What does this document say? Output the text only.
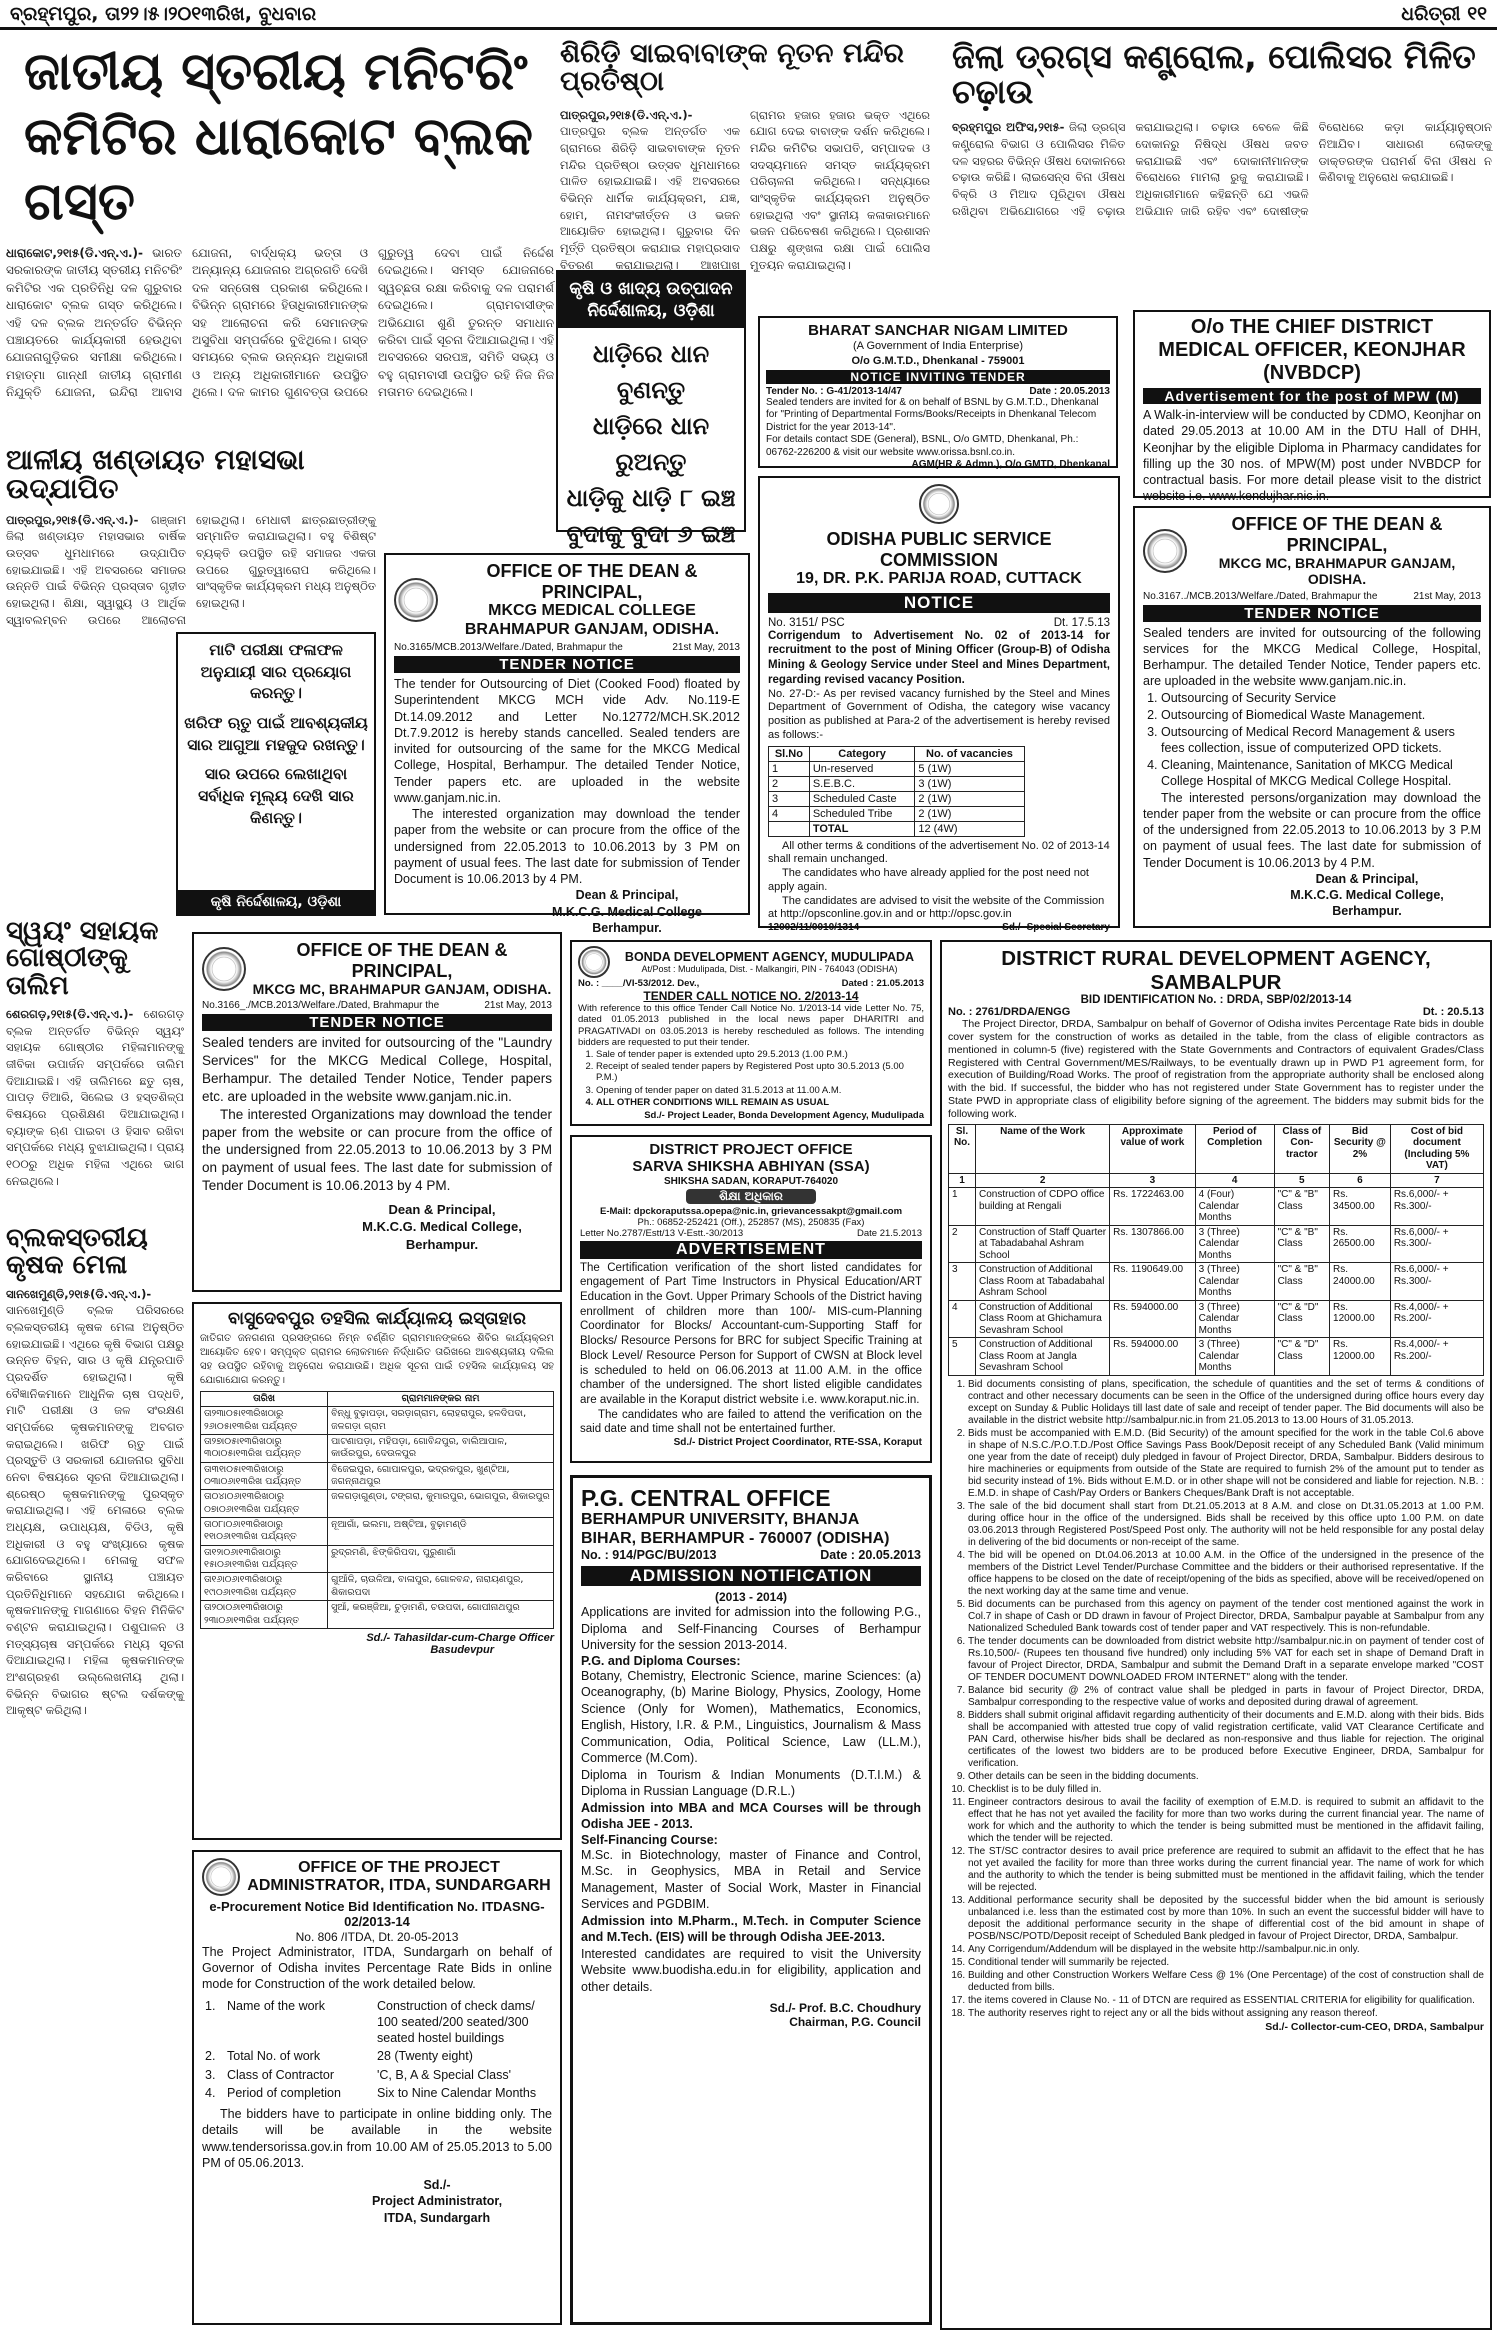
ବ୍ରହ୍ମପୁର, ତା୨୨।୫।୨୦୧୩ରିଖ, ବୁଧବାର	ଧରିତ୍ରୀ ୧୧
ଜାତୀୟ ସ୍ତରୀୟ ମନିଟରିଂ କମିଟିର ଧାରାକୋଟ ବ୍ଲକ ଗସ୍ତ
ଧାରାକୋଟ,୨୧ା୫(ଡି.ଏନ୍.ଏ.)- ଭାରତ ସରକାରଙ୍କ ଜାତୀୟ ସ୍ତରୀୟ ମନିଟରିଂ କମିଟିର ଏକ ପ୍ରତିନିଧି ଦଳ ଗୁରୁବାର ଧାରାକୋଟ ବ୍ଲକ ଗସ୍ତ କରିଥିଲେ। ଏହି ଦଳ ବ୍ଲକ ଅନ୍ତର୍ଗତ ବିଭିନ୍ନ ପଞ୍ଚାୟତରେ କାର୍ଯ୍ୟକାରୀ ହେଉଥିବା ଯୋଜନାଗୁଡ଼ିକର ସମୀକ୍ଷା କରିଥିଲେ। ମହାତ୍ମା ଗାନ୍ଧୀ ଜାତୀୟ ଗ୍ରାମୀଣ ନିଯୁକ୍ତି ଯୋଜନା, ଇନ୍ଦିରା ଆବାସ ଯୋଜନା, ବାର୍ଦ୍ଧକ୍ୟ ଭତ୍ତା ଓ ଅନ୍ୟାନ୍ୟ ଯୋଜନାର ଅଗ୍ରଗତି ଦେଖି ଦଳ ସନ୍ତୋଷ ପ୍ରକାଶ କରିଥିଲେ। ବିଭିନ୍ନ ଗ୍ରାମରେ ହିତାଧିକାରୀମାନଙ୍କ ସହ ଆଲୋଚନା କରି ସେମାନଙ୍କ ଅସୁବିଧା ସମ୍ପର୍କରେ ବୁଝିଥିଲେ। ଗସ୍ତ ସମୟରେ ବ୍ଲକ ଉନ୍ନୟନ ଅଧିକାରୀ ଓ ଅନ୍ୟ ଅଧିକାରୀମାନେ ଉପସ୍ଥିତ ଥିଲେ। ଦଳ କାମର ଗୁଣବତ୍ତା ଉପରେ ଗୁରୁତ୍ୱ ଦେବା ପାଇଁ ନିର୍ଦ୍ଦେଶ ଦେଇଥିଲେ। ସମସ୍ତ ଯୋଜନାରେ ସ୍ୱଚ୍ଛତା ରକ୍ଷା କରିବାକୁ ଦଳ ପରାମର୍ଶ ଦେଇଥିଲେ। ଗ୍ରାମବାସୀଙ୍କ ଅଭିଯୋଗ ଶୁଣି ତୁରନ୍ତ ସମାଧାନ କରିବା ପାଇଁ ସୂଚନା ଦିଆଯାଇଥିଲା। ଏହି ଅବସରରେ ସରପଞ୍ଚ, ସମିତି ସଭ୍ୟ ଓ ବହୁ ଗ୍ରାମବାସୀ ଉପସ୍ଥିତ ରହି ନିଜ ନିଜ ମତାମତ ଦେଇଥିଲେ।
ଶିରିଡ଼ି ସାଇବାବାଙ୍କ ନୂତନ ମନ୍ଦିର ପ୍ରତିଷ୍ଠା
ପାତ୍ରପୁର,୨୧ା୫(ଡି.ଏନ୍.ଏ.)- ପାତ୍ରପୁର ବ୍ଲକ ଅନ୍ତର୍ଗତ ଏକ ଗ୍ରାମରେ ଶିରିଡ଼ି ସାଇବାବାଙ୍କ ନୂତନ ମନ୍ଦିର ପ୍ରତିଷ୍ଠା ଉତ୍ସବ ଧୁମଧାମରେ ପାଳିତ ହୋଇଯାଇଛି। ଏହି ଅବସରରେ ବିଭିନ୍ନ ଧାର୍ମିକ କାର୍ଯ୍ୟକ୍ରମ, ଯଜ୍ଞ, ହୋମ, ନାମସଂକୀର୍ତ୍ତନ ଓ ଭଜନ ଆୟୋଜିତ ହୋଇଥିଲା। ଗୁରୁବାର ଦିନ ମୂର୍ତ୍ତି ପ୍ରତିଷ୍ଠା କରାଯାଇ ମହାପ୍ରସାଦ ବିତରଣ କରାଯାଇଥିଲା। ଆଖପାଖ ଗ୍ରାମର ହଜାର ହଜାର ଭକ୍ତ ଏଥିରେ ଯୋଗ ଦେଇ ବାବାଙ୍କ ଦର୍ଶନ କରିଥିଲେ। ମନ୍ଦିର କମିଟିର ସଭାପତି, ସମ୍ପାଦକ ଓ ସଦସ୍ୟମାନେ ସମସ୍ତ କାର୍ଯ୍ୟକ୍ରମ ପରିଚାଳନା କରିଥିଲେ। ସନ୍ଧ୍ୟାରେ ସାଂସ୍କୃତିକ କାର୍ଯ୍ୟକ୍ରମ ଅନୁଷ୍ଠିତ ହୋଇଥିଲା ଏବଂ ସ୍ଥାନୀୟ କଳାକାରମାନେ ଭଜନ ପରିବେଷଣ କରିଥିଲେ। ପ୍ରଶାସନ ପକ୍ଷରୁ ଶୃଙ୍ଖଳା ରକ୍ଷା ପାଇଁ ପୋଲିସ ମୁତୟନ କରାଯାଇଥିଲା।
ଜିଲା ଡ୍ରଗ୍ସ କଣ୍ଟ୍ରୋଲ, ପୋଲିସର ମିଳିତ ଚଢ଼ାଉ
ବ୍ରହ୍ମପୁର ଅଫିସ,୨୧ା୫- ଜିଲା ଡ୍ରଗ୍ସ କଣ୍ଟ୍ରୋଲ ବିଭାଗ ଓ ପୋଲିସର ମିଳିତ ଦଳ ସହରର ବିଭିନ୍ନ ଔଷଧ ଦୋକାନରେ ଚଢ଼ାଉ କରିଛି। ଲାଇସେନ୍ସ ବିନା ଔଷଧ ବିକ୍ରି ଓ ମିଆଦ ପୂରିଥିବା ଔଷଧ ରଖିଥିବା ଅଭିଯୋଗରେ ଏହି ଚଢ଼ାଉ କରାଯାଇଥିଲା। ଚଢ଼ାଉ ବେଳେ କିଛି ଦୋକାନରୁ ନିଷିଦ୍ଧ ଔଷଧ ଜବତ କରାଯାଇଛି ଏବଂ ଦୋକାନୀମାନଙ୍କ ବିରୋଧରେ ମାମଲା ରୁଜୁ କରାଯାଇଛି। ଅଧିକାରୀମାନେ କହିଛନ୍ତି ଯେ ଏଭଳି ଅଭିଯାନ ଜାରି ରହିବ ଏବଂ ଦୋଷୀଙ୍କ ବିରୋଧରେ କଡ଼ା କାର୍ଯ୍ୟାନୁଷ୍ଠାନ ନିଆଯିବ। ସାଧାରଣ ଲୋକଙ୍କୁ ଡାକ୍ତରଙ୍କ ପରାମର୍ଶ ବିନା ଔଷଧ ନ କିଣିବାକୁ ଅନୁରୋଧ କରାଯାଇଛି।
କୃଷି ଓ ଖାଦ୍ୟ ଉତ୍ପାଦନ ନିର୍ଦ୍ଦେଶାଳୟ, ଓଡ଼ିଶା
ଧାଡ଼ିରେ ଧାନ ବୁଣନ୍ତୁ
ଧାଡ଼ିରେ ଧାନ ରୁଅନ୍ତୁ
ଧାଡ଼ିକୁ ଧାଡ଼ି ୮ ଇଞ୍ଚ
ବୁଦାକୁ ବୁଦା ୬ ଇଞ୍ଚ
BHARAT SANCHAR NIGAM LIMITED
(A Government of India Enterprise)
O/o G.M.T.D., Dhenkanal - 759001
NOTICE INVITING TENDER
Tender No. : G-41/2013-14/47	Date : 20.05.2013
Sealed tenders are invited for & on behalf of BSNL by G.M.T.D., Dhenkanal for "Printing of Departmental Forms/Books/Receipts in Dhenkanal Telecom District for the year 2013-14".
For details contact SDE (General), BSNL, O/o GMTD, Dhenkanal, Ph.: 06762-226200 & visit our website www.orissa.bsnl.co.in.
AGM(HR & Admn.), O/o GMTD, Dhenkanal
O/o THE CHIEF DISTRICT MEDICAL OFFICER, KEONJHAR (NVBDCP)
Advertisement for the post of MPW (M)
A Walk-in-interview will be conducted by CDMO, Keonjhar on dated 29.05.2013 at 10.00 AM in the DTU Hall of DHH, Keonjhar by the eligible Diploma in Pharmacy candidates for filling up the 30 nos. of MPW(M) post under NVBDCP for contractual basis. For more detail please visit to the district website i.e. www.kendujhar.nic.in.
ଆଳୀୟ ଖଣ୍ଡାୟତ ମହାସଭା ଉଦ୍‌ଯାପିତ
ପାତ୍ରପୁର,୨୧ା୫(ଡି.ଏନ୍.ଏ.)- ଗଞ୍ଜାମ ଜିଲା ଖଣ୍ଡାୟତ ମହାସଭାର ବାର୍ଷିକ ଉତ୍ସବ ଧୁମଧାମରେ ଉଦ୍‌ଯାପିତ ହୋଇଯାଇଛି। ଏହି ଅବସରରେ ସମାଜର ଉନ୍ନତି ପାଇଁ ବିଭିନ୍ନ ପ୍ରସ୍ତାବ ଗୃହୀତ ହୋଇଥିଲା। ଶିକ୍ଷା, ସ୍ୱାସ୍ଥ୍ୟ ଓ ଆର୍ଥିକ ସ୍ୱାବଲମ୍ବନ ଉପରେ ଆଲୋଚନା ହୋଇଥିଲା। ମେଧାବୀ ଛାତ୍ରଛାତ୍ରୀଙ୍କୁ ସମ୍ମାନିତ କରାଯାଇଥିଲା। ବହୁ ବିଶିଷ୍ଟ ବ୍ୟକ୍ତି ଉପସ୍ଥିତ ରହି ସମାଜର ଏକତା ଉପରେ ଗୁରୁତ୍ୱାରୋପ କରିଥିଲେ। ସାଂସ୍କୃତିକ କାର୍ଯ୍ୟକ୍ରମ ମଧ୍ୟ ଅନୁଷ୍ଠିତ ହୋଇଥିଲା।
ମାଟି ପରୀକ୍ଷା ଫଳାଫଳ ଅନୁଯାୟୀ ସାର ପ୍ରୟୋଗ କରନ୍ତୁ।
ଖରିଫ ଋତୁ ପାଇଁ ଆବଶ୍ୟକୀୟ ସାର ଆଗୁଆ ମହଜୁଦ ରଖନ୍ତୁ।
ସାର ଉପରେ ଲେଖାଥିବା ସର୍ବାଧିକ ମୂଲ୍ୟ ଦେଖି ସାର କିଣନ୍ତୁ।
କୃଷି ନିର୍ଦ୍ଦେଶାଳୟ, ଓଡ଼ିଶା
OFFICE OF THE DEAN & PRINCIPAL,
MKCG MEDICAL COLLEGE
BRAHMAPUR GANJAM, ODISHA.
No.3165/MCB.2013/Welfare./Dated, Brahmapur the	21st May, 2013
TENDER NOTICE
The tender for Outsourcing of Diet (Cooked Food) floated by Superintendent MKCG MCH vide Adv. No.119-E Dt.14.09.2012 and Letter No.12772/MCH.SK.2012 Dt.7.9.2012 is hereby stands cancelled. Sealed tenders are invited for outsourcing of the same for the MKCG Medical College, Hospital, Berhampur. The detailed Tender Notice, Tender papers etc. are uploaded in the website www.ganjam.nic.in.
The interested organization may download the tender paper from the website or can procure from the office of the undersigned from 22.05.2013 to 10.06.2013 by 3 PM on payment of usual fees. The last date for submission of Tender Document is 10.06.2013 by 4 PM.
Dean & Principal,
M.K.C.G. Medical College
Berhampur.
ODISHA PUBLIC SERVICE COMMISSION
19, DR. P.K. PARIJA ROAD, CUTTACK
NOTICE
No. 3151/ PSC	Dt. 17.5.13
Corrigendum to Advertisement No. 02 of 2013-14 for recruitment to the post of Mining Officer (Group-B) of Odisha Mining & Geology Service under Steel and Mines Department, regarding revised vacancy Position.
No. 27-D:- As per revised vacancy furnished by the Steel and Mines Department of Government of Odisha, the category wise vacancy position as published at Para-2 of the advertisement is hereby revised as follows:-
Sl.No	Category	No. of vacancies
1	Un-reserved	5 (1W)
2	S.E.B.C.	3 (1W)
3	Scheduled Caste	2 (1W)
4	Scheduled Tribe	2 (1W)
	TOTAL	12 (4W)
All other terms & conditions of the advertisement No. 02 of 2013-14 shall remain unchanged.
The candidates who have already applied for the post need not apply again.
The candidates are advised to visit the website of the Commission at http://opsconline.gov.in and or http://opsc.gov.in
12002/11/0010/1314	Sd./- Special Secretary
OFFICE OF THE DEAN & PRINCIPAL,
MKCG MC, BRAHMAPUR GANJAM, ODISHA.
No.3167../MCB.2013/Welfare./Dated, Brahmapur the	21st May, 2013
TENDER NOTICE
Sealed tenders are invited for outsourcing of the following services for the MKCG Medical College, Hospital, Berhampur. The detailed Tender Notice, Tender papers etc. are uploaded in the website www.ganjam.nic.in.
1. Outsourcing of Security Service
2. Outsourcing of Biomedical Waste Management.
3. Outsourcing of Medical Record Management & users fees collection, issue of computerized OPD tickets.
4. Cleaning, Maintenance, Sanitation of MKCG Medical College Hospital of MKCG Medical College Hospital.
The interested persons/organization may download the tender paper from the website or can procure from the office of the undersigned from 22.05.2013 to 10.06.2013 by 3 P.M on payment of usual fees. The last date for submission of Tender Document is 10.06.2013 by 4 P.M.
Dean & Principal,
M.K.C.G. Medical College,
Berhampur.
ସ୍ୱୟଂ ସହାୟକ ଗୋଷ୍ଠୀଙ୍କୁ ତାଲିମ
ଶେରଗଡ଼,୨୧ା୫(ଡି.ଏନ୍.ଏ.)- ଶେରଗଡ଼ ବ୍ଲକ ଅନ୍ତର୍ଗତ ବିଭିନ୍ନ ସ୍ୱୟଂ ସହାୟକ ଗୋଷ୍ଠୀର ମହିଳାମାନଙ୍କୁ ଜୀବିକା ଉପାର୍ଜନ ସମ୍ପର୍କରେ ତାଲିମ ଦିଆଯାଇଛି। ଏହି ତାଲିମରେ ଛତୁ ଚାଷ, ପାପଡ଼ ତିଆରି, ସିଲେଇ ଓ ହସ୍ତଶିଳ୍ପ ବିଷୟରେ ପ୍ରଶିକ୍ଷଣ ଦିଆଯାଇଥିଲା। ବ୍ୟାଙ୍କ ଋଣ ପାଇବା ଓ ହିସାବ ରଖିବା ସମ୍ପର୍କରେ ମଧ୍ୟ ବୁଝାଯାଇଥିଲା। ପ୍ରାୟ ୧୦୦ରୁ ଅଧିକ ମହିଳା ଏଥିରେ ଭାଗ ନେଇଥିଲେ।
ବ୍ଲକସ୍ତରୀୟ କୃଷକ ମେଳା
ସାନଖେମୁଣ୍ଡି,୨୧ା୫(ଡି.ଏନ୍.ଏ.)- ସାନଖେମୁଣ୍ଡି ବ୍ଲକ ପରିସରରେ ବ୍ଲକସ୍ତରୀୟ କୃଷକ ମେଳା ଅନୁଷ୍ଠିତ ହୋଇଯାଇଛି। ଏଥିରେ କୃଷି ବିଭାଗ ପକ୍ଷରୁ ଉନ୍ନତ ବିହନ, ସାର ଓ କୃଷି ଯନ୍ତ୍ରପାତି ପ୍ରଦର୍ଶିତ ହୋଇଥିଲା। କୃଷି ବୈଜ୍ଞାନିକମାନେ ଆଧୁନିକ ଚାଷ ପଦ୍ଧତି, ମାଟି ପରୀକ୍ଷା ଓ ଜଳ ସଂରକ୍ଷଣ ସମ୍ପର୍କରେ କୃଷକମାନଙ୍କୁ ଅବଗତ କରାଇଥିଲେ। ଖରିଫ ଋତୁ ପାଇଁ ପ୍ରସ୍ତୁତି ଓ ସରକାରୀ ଯୋଜନାର ସୁବିଧା ନେବା ବିଷୟରେ ସୂଚନା ଦିଆଯାଇଥିଲା। ଶ୍ରେଷ୍ଠ କୃଷକମାନଙ୍କୁ ପୁରସ୍କୃତ କରାଯାଇଥିଲା। ଏହି ମେଳାରେ ବ୍ଲକ ଅଧ୍ୟକ୍ଷ, ଉପାଧ୍ୟକ୍ଷ, ବିଡିଓ, କୃଷି ଅଧିକାରୀ ଓ ବହୁ ସଂଖ୍ୟାରେ କୃଷକ ଯୋଗଦେଇଥିଲେ। ମେଳାକୁ ସଫଳ କରିବାରେ ସ୍ଥାନୀୟ ପଞ୍ଚାୟତ ପ୍ରତିନିଧିମାନେ ସହଯୋଗ କରିଥିଲେ। କୃଷକମାନଙ୍କୁ ମାଗଣାରେ ବିହନ ମିନିକିଟ ବଣ୍ଟନ କରାଯାଇଥିଲା। ପଶୁପାଳନ ଓ ମତ୍ସ୍ୟଚାଷ ସମ୍ପର୍କରେ ମଧ୍ୟ ସୂଚନା ଦିଆଯାଇଥିଲା। ମହିଳା କୃଷକମାନଙ୍କ ଅଂଶଗ୍ରହଣ ଉଲ୍ଲେଖନୀୟ ଥିଲା। ବିଭିନ୍ନ ବିଭାଗର ଷ୍ଟଲ ଦର୍ଶକଙ୍କୁ ଆକୃଷ୍ଟ କରିଥିଲା।
OFFICE OF THE DEAN & PRINCIPAL,
MKCG MC, BRAHMAPUR GANJAM, ODISHA.
No.3166_./MCB.2013/Welfare./Dated, Brahmapur the	21st May, 2013
TENDER NOTICE
Sealed tenders are invited for outsourcing of the "Laundry Services" for the MKCG Medical College, Hospital, Berhampur. The detailed Tender Notice, Tender papers etc. are uploaded in the website www.ganjam.nic.in.
The interested Organizations may download the tender paper from the website or can procure from the office of the undersigned from 22.05.2013 to 10.06.2013 by 3 PM on payment of usual fees. The last date for submission of Tender Document is 10.06.2013 by 4 PM.
Dean & Principal,
M.K.C.G. Medical College,
Berhampur.
BONDA DEVELOPMENT AGENCY, MUDULIPADA
At/Post : Mudulipada, Dist. - Malkangiri, PIN - 764043 (ODISHA)
No. : ____/VI-53/2012. Dev.,	Dated : 21.05.2013
TENDER CALL NOTICE NO. 2/2013-14
With reference to this office Tender Call Notice No. 1/2013-14 vide Letter No. 75, dated 01.05.2013 published in the local news paper DHARITRI and PRAGATIVADI on 03.05.2013 is hereby rescheduled as follows. The intending bidders are requested to put their tender.
1. Sale of tender paper is extended upto 29.5.2013 (1.00 P.M.)
2. Receipt of sealed tender papers by Registered Post upto 30.5.2013 (5.00 P.M.)
3. Opening of tender paper on dated 31.5.2013 at 11.00 A.M.
4. ALL OTHER CONDITIONS WILL REMAIN AS USUAL
Sd./- Project Leader, Bonda Development Agency, Mudulipada
DISTRICT PROJECT OFFICE
SARVA SHIKSHA ABHIYAN (SSA)
SHIKSHA SADAN, KORAPUT-764020
ଶିକ୍ଷା ଅଧିକାର
E-Mail: dpckoraputssa.opepa@nic.in, grievancessakpt@gmail.com
Ph.: 06852-252421 (Off.), 252857 (MS), 250835 (Fax)
Letter No.2787/Estt/13 V-Estt.-30/2013	Date 21.5.2013
ADVERTISEMENT
The Certification verification of the short listed candidates for engagement of Part Time Instructors in Physical Education/ART Education in the Govt. Upper Primary Schools of the District having enrollment of children more than 100/- MIS-cum-Planning Coordinator for Blocks/ Accountant-cum-Supporting Staff for Blocks/ Resource Persons for BRC for subject Specific Training at Block Level/ Resource Person for Support of CWSN at Block level is scheduled to held on 06.06.2013 at 11.00 A.M. in the office chamber of the undersigned. The short listed eligible candidates are available in the Koraput district website i.e. www.koraput.nic.in.
The candidates who are failed to attend the verification on the said date and time shall not be entertained further.
Sd./- District Project Coordinator, RTE-SSA, Koraput
ବାସୁଦେବପୁର ତହସିଲ କାର୍ଯ୍ୟାଳୟ ଇସ୍ତାହାର
ଜାତିଗତ ଜନଗଣନା ପ୍ରସଙ୍ଗରେ ନିମ୍ନ ବର୍ଣ୍ଣିତ ଗ୍ରାମମାନଙ୍କରେ ଶିବିର କାର୍ଯ୍ୟକ୍ରମ ଆୟୋଜିତ ହେବ। ସମ୍ପୃକ୍ତ ଗ୍ରାମର ଲୋକମାନେ ନିର୍ଦ୍ଧାରିତ ତାରିଖରେ ଆବଶ୍ୟକୀୟ ଦଲିଲ ସହ ଉପସ୍ଥିତ ରହିବାକୁ ଅନୁରୋଧ କରାଯାଉଛି। ଅଧିକ ସୂଚନା ପାଇଁ ତହସିଲ କାର୍ଯ୍ୟାଳୟ ସହ ଯୋଗାଯୋଗ କରନ୍ତୁ।
ତାରିଖ	ଗ୍ରାମମାନଙ୍କର ନାମ
ତା୨୩ା୦୫ା୧୩ରିଖଠାରୁ ୨୬ା୦୫ା୧୩ରିଖ ପର୍ଯ୍ୟନ୍ତ	ବିନ୍ଧୁ ବୁଢ଼ାପଡ଼ା, ସରଡ଼ାଗ୍ରାମ, ଲୋହରାପୁର, ହଳଦିପଦା, ଜଳଗଡ଼ା ଗ୍ରାମ
ତା୨୭ା୦୫ା୧୩ରିଖଠାରୁ ୩୦ା୦୫ା୧୩ରିଖ ପର୍ଯ୍ୟନ୍ତ	ପାଟଣାପଡ଼ା, ମହିପଡ଼ା, ଗୋବିନ୍ଦପୁର, ବାଲିଆପାଳ, କାଉଁରପୁର, ଦେଉଳପୁର
ତା୩୧ା୦୫ା୧୩ରିଖଠାରୁ ୦୩ା୦୬ା୧୩ରିଖ ପର୍ଯ୍ୟନ୍ତ	ବିଜେଇପୁର, ଗୋପାଳପୁର, ଭଦ୍ରକପୁର, ଖୁଣ୍ଟିଆ, ଜଗନ୍ନାଥପୁର
ତା୦୪ା୦୬ା୧୩ରିଖଠାରୁ ୦୭ା୦୬ା୧୩ରିଖ ପର୍ଯ୍ୟନ୍ତ	ଜଳଗଡ଼ାଗୁଣ୍ଡା, ଟଙ୍ଗରା, କୁମାରପୁର, ଭୋଗପୁର, ଶିକାରପୁର
ତା୦୮ା୦୬ା୧୩ରିଖଠାରୁ ୧୧ା୦୬ା୧୩ରିଖ ପର୍ଯ୍ୟନ୍ତ	ନୂଆଗାଁ, ଇଲମା, ଅଷ୍ଟିଆ, ବୁଢ଼ାମଣ୍ଡି
ତା୧୨ା୦୬ା୧୩ରିଖଠାରୁ ୧୫ା୦୬ା୧୩ରିଖ ପର୍ଯ୍ୟନ୍ତ	ରୁଦ୍ରମଣି, ଝିଙ୍କିରିପଦା, ପୁରୁଣାଗାଁ
ତା୧୬ା୦୬ା୧୩ରିଖଠାରୁ ୧୯ା୦୬ା୧୩ରିଖ ପର୍ଯ୍ୟନ୍ତ	ଗୁଆଁଳି, ଚାଉଳିଆ, ବାଳାପୁର, ଗୋଳବନ୍ଦ, ନାରାୟଣପୁର, ଶିକାରପଦା
ତା୨୦ା୦୬ା୧୩ରିଖଠାରୁ ୨୩ା୦୬ା୧୩ରିଖ ପର୍ଯ୍ୟନ୍ତ	ସୁଆଁ, କରଞ୍ଜିଆ, ଚୁଡ଼ାମଣି, ଚଉପଦା, ଗୋପୀନାଥପୁର
Sd./- Tahasildar-cum-Charge Officer
Basudevpur
P.G. CENTRAL OFFICE
BERHAMPUR UNIVERSITY, BHANJA
BIHAR, BERHAMPUR - 760007 (ODISHA)
No. : 914/PGC/BU/2013	Date : 20.05.2013
ADMISSION NOTIFICATION
(2013 - 2014)
Applications are invited for admission into the following P.G., Diploma and Self-Financing Courses of Berhampur University for the session 2013-2014.
P.G. and Diploma Courses:
Botany, Chemistry, Electronic Science, marine Sciences: (a) Oceanography, (b) Marine Biology, Physics, Zoology, Home Science (Only for Women), Mathematics, Economics, English, History, I.R. & P.M., Linguistics, Journalism & Mass Communication, Odia, Political Science, Law (LL.M.), Commerce (M.Com).
Diploma in Tourism & Indian Monuments (D.T.I.M.) & Diploma in Russian Language (D.R.L.)
Admission into MBA and MCA Courses will be through Odisha JEE - 2013.
Self-Financing Course:
M.Sc. in Biotechnology, master of Finance and Control, M.Sc. in Geophysics, MBA in Retail and Service Management, Master of Social Work, Master in Financial Services and PGDBIM.
Admission into M.Pharm., M.Tech. in Computer Science and M.Tech. (EIS) will be through Odisha JEE-2013.
Interested candidates are required to visit the University Website www.buodisha.edu.in for eligibility, application and other details.
Sd./- Prof. B.C. Choudhury
Chairman, P.G. Council
OFFICE OF THE PROJECT ADMINISTRATOR, ITDA, SUNDARGARH
e-Procurement Notice Bid Identification No. ITDASNG-02/2013-14
No. 806 /ITDA, Dt. 20-05-2013
The Project Administrator, ITDA, Sundargarh on behalf of Governor of Odisha invites Percentage Rate Bids in online mode for Construction of the work detailed below.
1.	Name of the work	Construction of check dams/ 100 seated/200 seated/300 seated hostel buildings
2.	Total No. of work	28 (Twenty eight)
3.	Class of Contractor	'C, B, A & Special Class'
4.	Period of completion	Six to Nine Calendar Months
The bidders have to participate in online bidding only. The details will be available in the website www.tendersorissa.gov.in from 10.00 AM of 25.05.2013 to 5.00 PM of 05.06.2013.
Sd./-
Project Administrator,
ITDA, Sundargarh
DISTRICT RURAL DEVELOPMENT AGENCY, SAMBALPUR
BID IDENTIFICATION No. : DRDA, SBP/02/2013-14
No. : 2761/DRDA/ENGG	Dt. : 20.5.13
The Project Director, DRDA, Sambalpur on behalf of Governor of Odisha invites Percentage Rate bids in double cover system for the construction of works as detailed in the table, from the class of eligible contractors as mentioned in column-5 (five) registered with the State Governments and Contractors of equivalent Grades/Class Registered with Central Government/MES/Railways, to be eventually drawn up in PWD P1 agreement form, for execution of Building/Road Works. The proof of registration from the appropriate authority shall be enclosed along with the bid. If successful, the bidder who has not registered under State Government has to register under the State PWD in appropriate class of eligibility before signing of the agreement. The bidders may submit bids for the following work.
Sl. No.	Name of the Work	Approximate value of work	Period of Completion	Class of Con-tractor	Bid Security @ 2%	Cost of bid document (Including 5% VAT)
1	2	3	4	5	6	7
1	Construction of CDPO office building at Rengali	Rs. 1722463.00	4 (Four) Calendar Months	"C" & "B" Class	Rs. 34500.00	Rs.6,000/- + Rs.300/-
2	Construction of Staff Quarter at Tabadabahal Ashram School	Rs. 1307866.00	3 (Three) Calendar Months	"C" & "B" Class	Rs. 26500.00	Rs.6,000/- + Rs.300/-
3	Construction of Additional Class Room at Tabadabahal Ashram School	Rs. 1190649.00	3 (Three) Calendar Months	"C" & "B" Class	Rs. 24000.00	Rs.6,000/- + Rs.300/-
4	Construction of Additional Class Room at Ghichamura Sevashram School	Rs. 594000.00	3 (Three) Calendar Months	"C" & "D" Class	Rs. 12000.00	Rs.4,000/- + Rs.200/-
5	Construction of Additional Class Room at Jangla Sevashram School	Rs. 594000.00	3 (Three) Calendar Months	"C" & "D" Class	Rs. 12000.00	Rs.4,000/- + Rs.200/-
1. Bid documents consisting of plans, specification, the schedule of quantities and the set of terms & conditions of contract and other necessary documents can be seen in the Office of the undersigned during office hours every day except on Sunday & Public Holidays till last date of sale and receipt of tender paper. The Bid documents will also be available in the district website http://sambalpur.nic.in from 21.05.2013 to 13.00 Hours of 31.05.2013.
2. Bids must be accompanied with E.M.D. (Bid Security) of the amount specified for the work in the table Col.6 above in shape of N.S.C./P.O.T.D./Post Office Savings Pass Book/Deposit receipt of any Scheduled Bank (Valid minimum one year from the date of receipt) duly pledged in favour of Project Director, DRDA, Sambalpur. Bidders desirous to hire machineries or equipments from outside of the State are required to furnish 2% of the amount put to tender as bid security instead of 1%. Bids without E.M.D. or in other shape will not be considered and liable for rejection. N.B. : E.M.D. in shape of Cash/Pay Orders or Bankers Cheques/Bank Draft is not acceptable.
3. The sale of the bid document shall start from Dt.21.05.2013 at 8 A.M. and close on Dt.31.05.2013 at 1.00 P.M. during office hour in the office of the undersigned. Bids shall be received by this office upto 1.00 P.M. on date 03.06.2013 through Registered Post/Speed Post only. The authority will not be held responsible for any postal delay in delivering of the bid documents or non-receipt of the same.
4. The bid will be opened on Dt.04.06.2013 at 10.00 A.M. in the Office of the undersigned in the presence of the members of the District Level Tender/Purchase Committee and the bidders or their authorised representative. If the office happens to be closed on the date of receipt/opening of the bids as specified, above will be received/opened on the next working day at the same time and venue.
5. Bid documents can be purchased from this agency on payment of the tender cost mentioned against the work in Col.7 in shape of Cash or DD drawn in favour of Project Director, DRDA, Sambalpur payable at Sambalpur from any Nationalized Scheduled Bank towards cost of tender paper and VAT respectively. This is non-refundable.
6. The tender documents can be downloaded from district website http://sambalpur.nic.in on payment of tender cost of Rs.10,500/- (Rupees ten thousand five hundred) only including 5% VAT for each set in shape of Demand Draft in favour of Project Director, DRDA, Sambalpur and submit the Demand Draft in a separate envelope marked "COST OF TENDER DOCUMENT DOWNLOADED FROM INTERNET" along with the tender.
7. Balance bid security @ 2% of contract value shall be pledged in parts in favour of Project Director, DRDA, Sambalpur corresponding to the respective value of works and deposited during drawal of agreement.
8. Bidders shall submit original affidavit regarding authenticity of their documents and E.M.D. along with their bids. Bids shall be accompanied with attested true copy of valid registration certificate, valid VAT Clearance Certificate and PAN Card, otherwise his/her bids shall be declared as non-responsive and thus liable for rejection. The original certificates of the lowest two bidders are to be produced before Executive Engineer, DRDA, Sambalpur for verification.
9. Other details can be seen in the bidding documents.
10. Checklist is to be duly filled in.
11. Engineer contractors desirous to avail the facility of exemption of E.M.D. is required to submit an affidavit to the effect that he has not yet availed the facility for more than two works during the current financial year. The name of work for which and the authority to which the tender is being submitted must be mentioned in the affidavit failing, which the tender will be rejected.
12. The ST/SC contractor desires to avail price preference are required to submit an affidavit to the effect that he has not yet availed the facility for more than three works during the current financial year. The name of work for which and the authority to which the tender is being submitted must be mentioned in the affidavit failing, which the tender will be rejected.
13. Additional performance security shall be deposited by the successful bidder when the bid amount is seriously unbalanced i.e. less than the estimated cost by more than 10%. In such an event the successful bidder will have to deposit the additional performance security in the shape of differential cost of the bid amount in shape of POSB/NSC/POTD/Deposit receipt of Scheduled Bank pledged in favour of Project Director, DRDA, Sambalpur.
14. Any Corrigendum/Addendum will be displayed in the website http://sambalpur.nic.in only.
15. Conditional tender will summarily be rejected.
16. Building and other Construction Workers Welfare Cess @ 1% (One Percentage) of the cost of construction shall de deducted from bills.
17. the items covered in Clause No. - 11 of DTCN are required as ESSENTIAL CRITERIA for eligibility for qualification.
18. The authority reserves right to reject any or all the bids without assigning any reason thereof.
Sd./- Collector-cum-CEO, DRDA, Sambalpur
